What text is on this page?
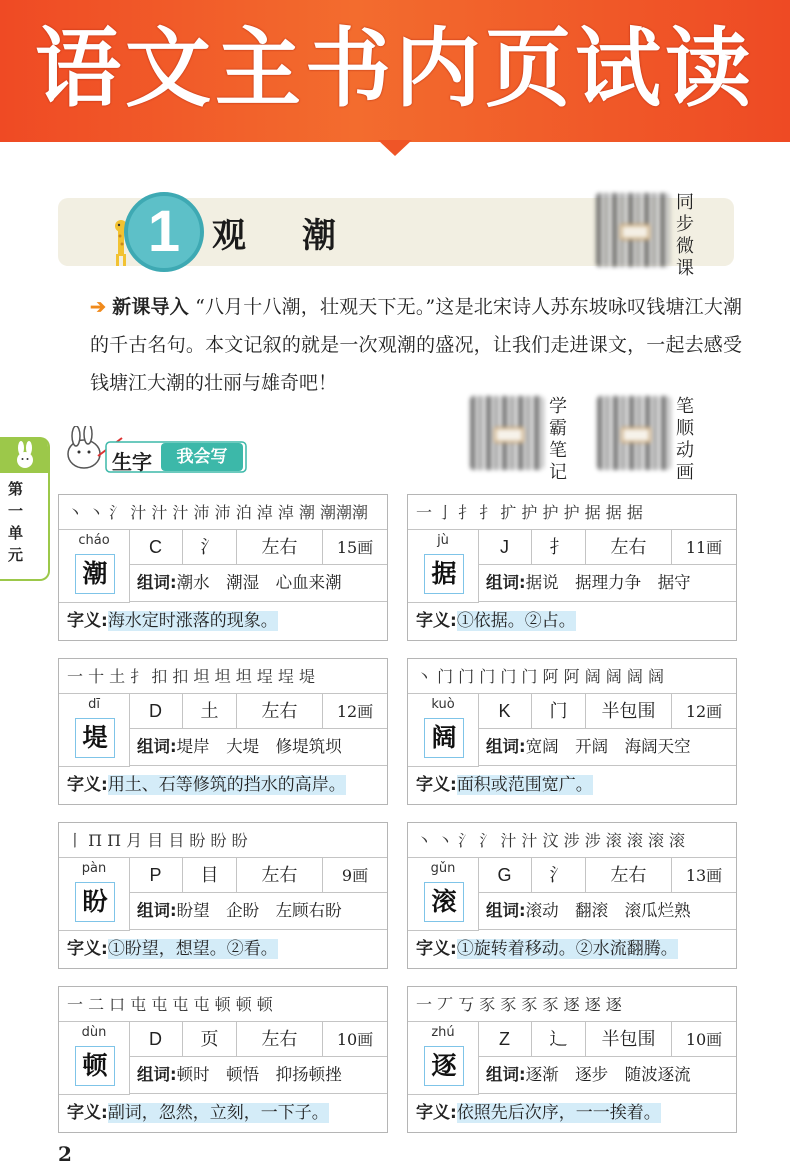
语文主书内页试读
1 观潮
同步微课
学霸笔记
笔顺动画
➔ 新课导入 “八月十八潮，壮观天下无。”这是北宋诗人苏东坡咏叹钱塘江大潮的千古名句。本文记叙的就是一次观潮的盛况，让我们走进课文，一起去感受钱塘江大潮的壮丽与雄奇吧！
第一单元
生字	我会写
丶 丶 氵 汁 汁 汁 沛 沛 泊 淖 淖 潮 潮潮潮
cháo
潮
C	氵	左右	15画
组词:潮水　潮湿　心血来潮
字义:海水定时涨落的现象。
一 亅 扌 扌 扩 护 护 护 据 据 据
jù
据
J	扌	左右	11画
组词:据说　据理力争　据守
字义:①依据。②占。
一 十 土 扌 扣 扣 坦 坦 坦 埕 埕 堤
dī
堤
D	土	左右	12画
组词:堤岸　大堤　修堤筑坝
字义:用土、石等修筑的挡水的高岸。
丶 门 门 门 门 门 阿 阿 阔 阔 阔 阔
kuò
阔
K	门	半包围	12画
组词:宽阔　开阔　海阔天空
字义:面积或范围宽广。
丨 П П 月 目 目 盼 盼 盼
pàn
盼
P	目	左右	9画
组词:盼望　企盼　左顾右盼
字义:①盼望，想望。②看。
丶 丶 氵 氵 汁 汁 汶 涉 涉 滚 滚 滚 滚
gǔn
滚
G	氵	左右	13画
组词:滚动　翻滚　滚瓜烂熟
字义:①旋转着移动。②水流翻腾。
一 二 口 屯 屯 屯 屯 顿 顿 顿
dùn
顿
D	页	左右	10画
组词:顿时　顿悟　抑扬顿挫
字义:副词，忽然，立刻，一下子。
一 丆 丂 豕 豕 豕 豕 逐 逐 逐
zhú
逐
Z	辶	半包围	10画
组词:逐渐　逐步　随波逐流
字义:依照先后次序，一一挨着。
2
